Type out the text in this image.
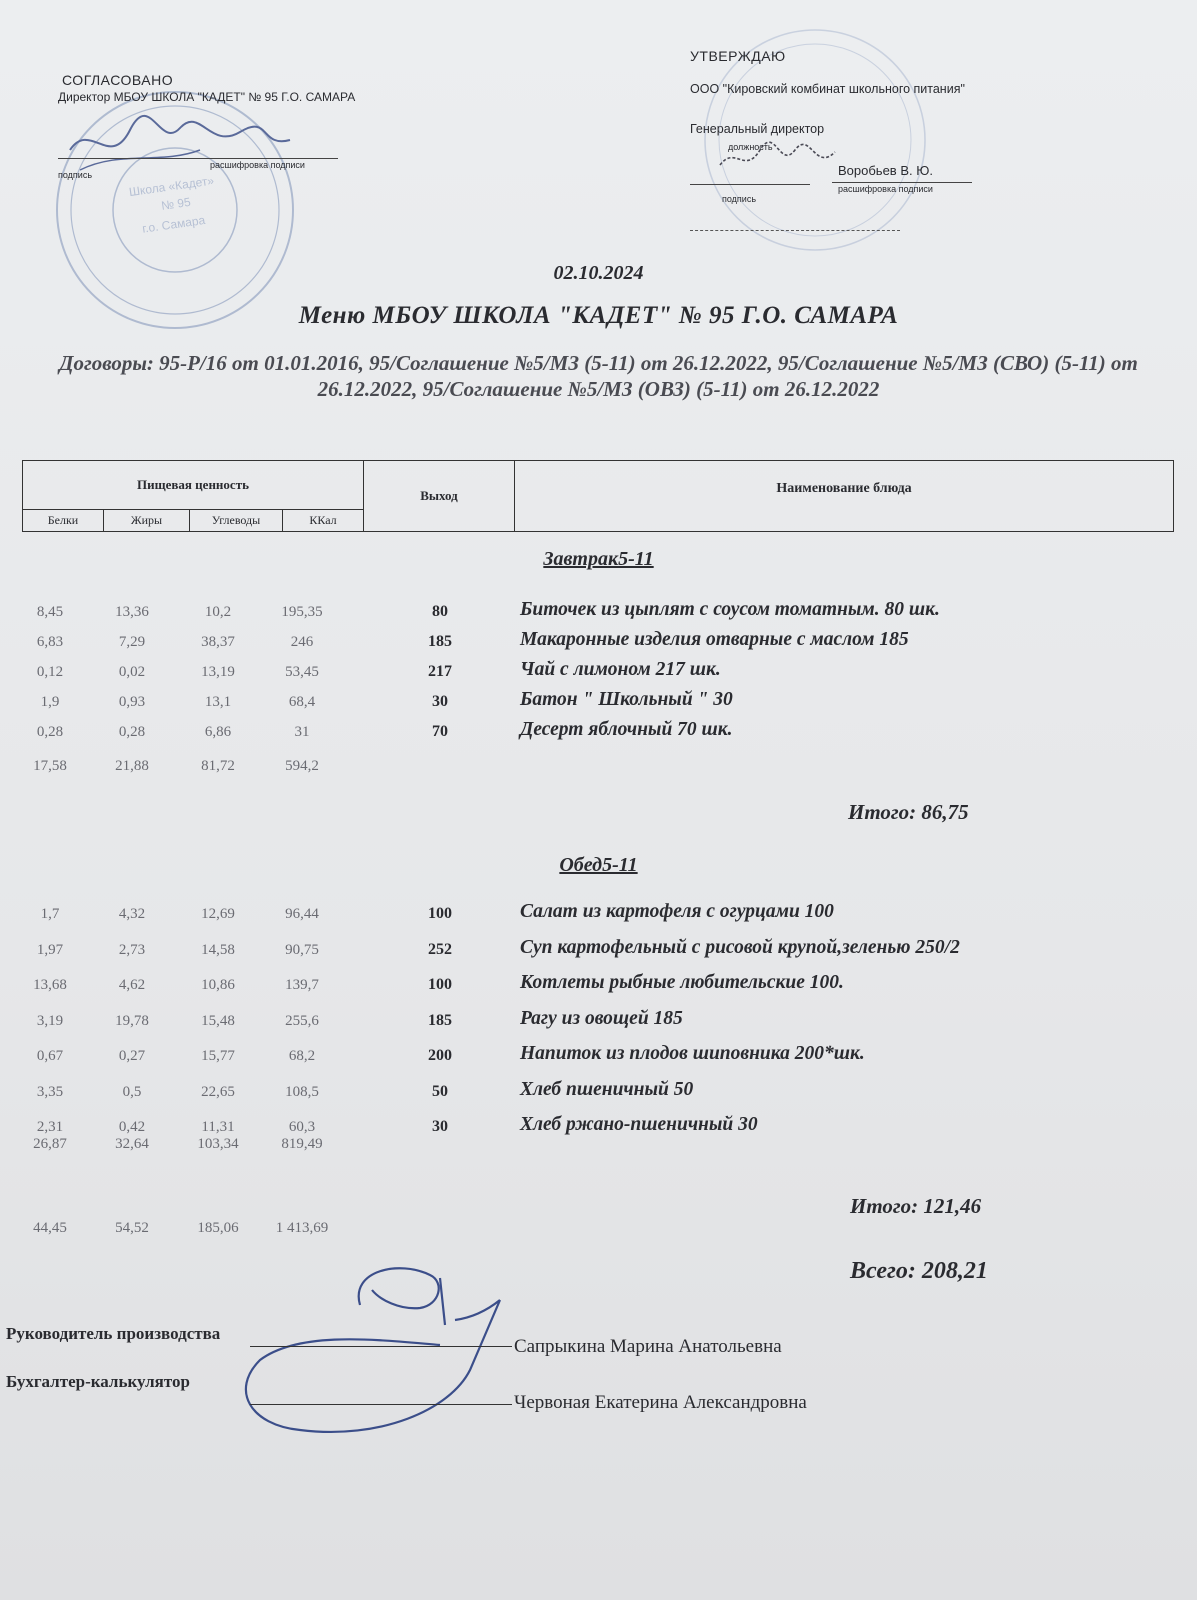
Школа «Кадет»
№ 95
г.о. Самара
СОГЛАСОВАНО
Директор МБОУ ШКОЛА "КАДЕТ" № 95 Г.О. САМАРА
подпись
расшифровка подписи
УТВЕРЖДАЮ
ООО "Кировский комбинат школьного питания"
Генеральный директор
должность
Воробьев В. Ю.
подпись
расшифровка подписи
02.10.2024
Меню МБОУ ШКОЛА "КАДЕТ" № 95 Г.О. САМАРА
Договоры: 95-Р/16 от 01.01.2016, 95/Соглашение №5/МЗ (5-11) от 26.12.2022, 95/Соглашение №5/МЗ (СВО) (5-11) от 26.12.2022, 95/Соглашение №5/МЗ (ОВЗ) (5-11) от 26.12.2022
Пищевая ценность
Белки	Жиры	Углеводы	ККал
Выход	Наименование блюда
Завтрак5-11
8,45	13,36	10,2	195,35	80	Биточек из цыплят с соусом томатным. 80 шк.
6,83	7,29	38,37	246	185	Макаронные изделия отварные с маслом 185
0,12	0,02	13,19	53,45	217	Чай с лимоном 217 шк.
1,9	0,93	13,1	68,4	30	Батон " Школьный " 30
0,28	0,28	6,86	31	70	Десерт яблочный 70 шк.
17,58	21,88	81,72	594,2
Итого: 86,75
Обед5-11
1,7	4,32	12,69	96,44	100	Салат из картофеля с огурцами 100
1,97	2,73	14,58	90,75	252	Суп картофельный с рисовой крупой,зеленью 250/2
13,68	4,62	10,86	139,7	100	Котлеты рыбные любительские 100.
3,19	19,78	15,48	255,6	185	Рагу из овощей 185
0,67	0,27	15,77	68,2	200	Напиток из плодов шиповника 200*шк.
3,35	0,5	22,65	108,5	50	Хлеб пшеничный 50
2,31	0,42	11,31	60,3	30	Хлеб ржано-пшеничный 30
26,87	32,64	103,34	819,49
Итого: 121,46
44,45	54,52	185,06	1 413,69
Всего: 208,21
Руководитель производства
Сапрыкина Марина Анатольевна
Бухгалтер-калькулятор
Червоная Екатерина Александровна
